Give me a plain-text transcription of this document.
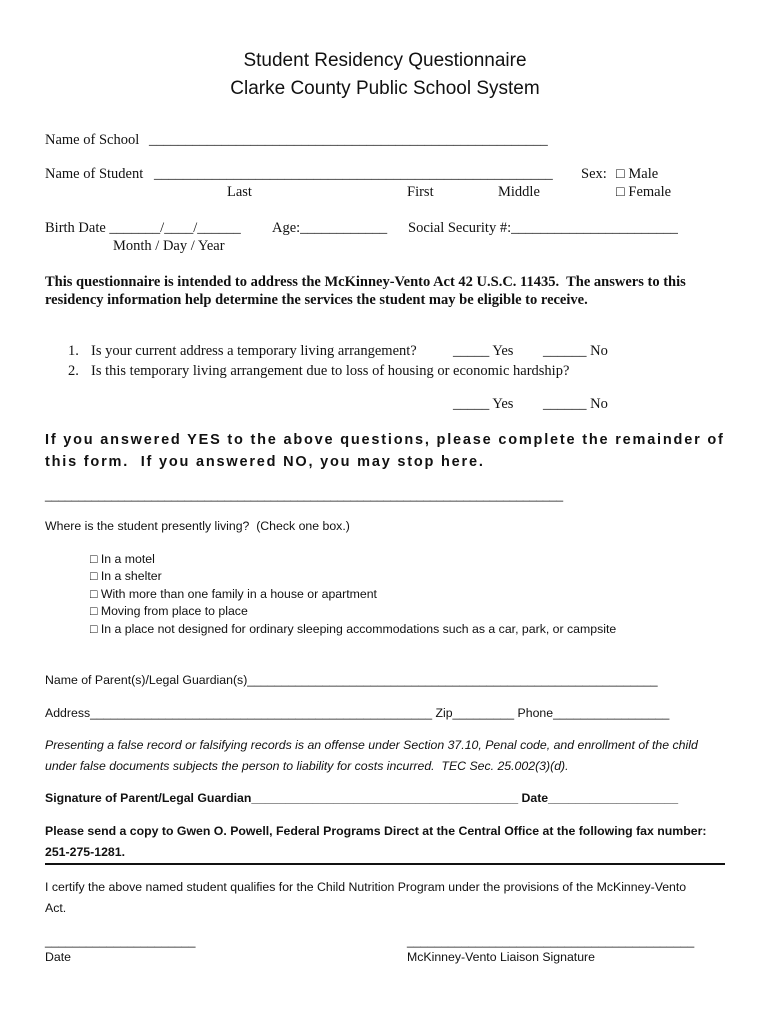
Student Residency Questionnaire
Clarke County Public School System
Name of School _______________________________________________________
Name of Student _______________________________________________________ Sex: □ Male
□ Female
Last	First	Middle
Birth Date _______/____/______
Month / Day / Year
Age:____________ Social Security #:_______________________
This questionnaire is intended to address the McKinney-Vento Act 42 U.S.C. 11435.  The answers to this
residency information help determine the services the student may be eligible to receive.
1. Is your current address a temporary living arrangement?	_____ Yes ______ No
2. Is this temporary living arrangement due to loss of housing or economic hardship?
_____ Yes ______ No
If you answered YES to the above questions, please complete the remainder of
this form.  If you answered NO, you may stop here.
______________________________________________________________________________
Where is the student presently living?  (Check one box.)
□ In a motel
□ In a shelter
□ With more than one family in a house or apartment
□ Moving from place to place
□ In a place not designed for ordinary sleeping accommodations such as a car, park, or campsite
Name of Parent(s)/Legal Guardian(s)____________________________________________________________
Address__________________________________________________ Zip_________ Phone_________________
Presenting a false record or falsifying records is an offense under Section 37.10, Penal code, and enrollment of the child
under false documents subjects the person to liability for costs incurred.  TEC Sec. 25.002(3)(d).
Signature of Parent/Legal Guardian_______________________________________ Date___________________
Please send a copy to Gwen O. Powell, Federal Programs Direct at the Central Office at the following fax number:
251-275-1281.
I certify the above named student qualifies for the Child Nutrition Program under the provisions of the McKinney-Vento
Act.
______________________
Date
__________________________________________
McKinney-Vento Liaison Signature
